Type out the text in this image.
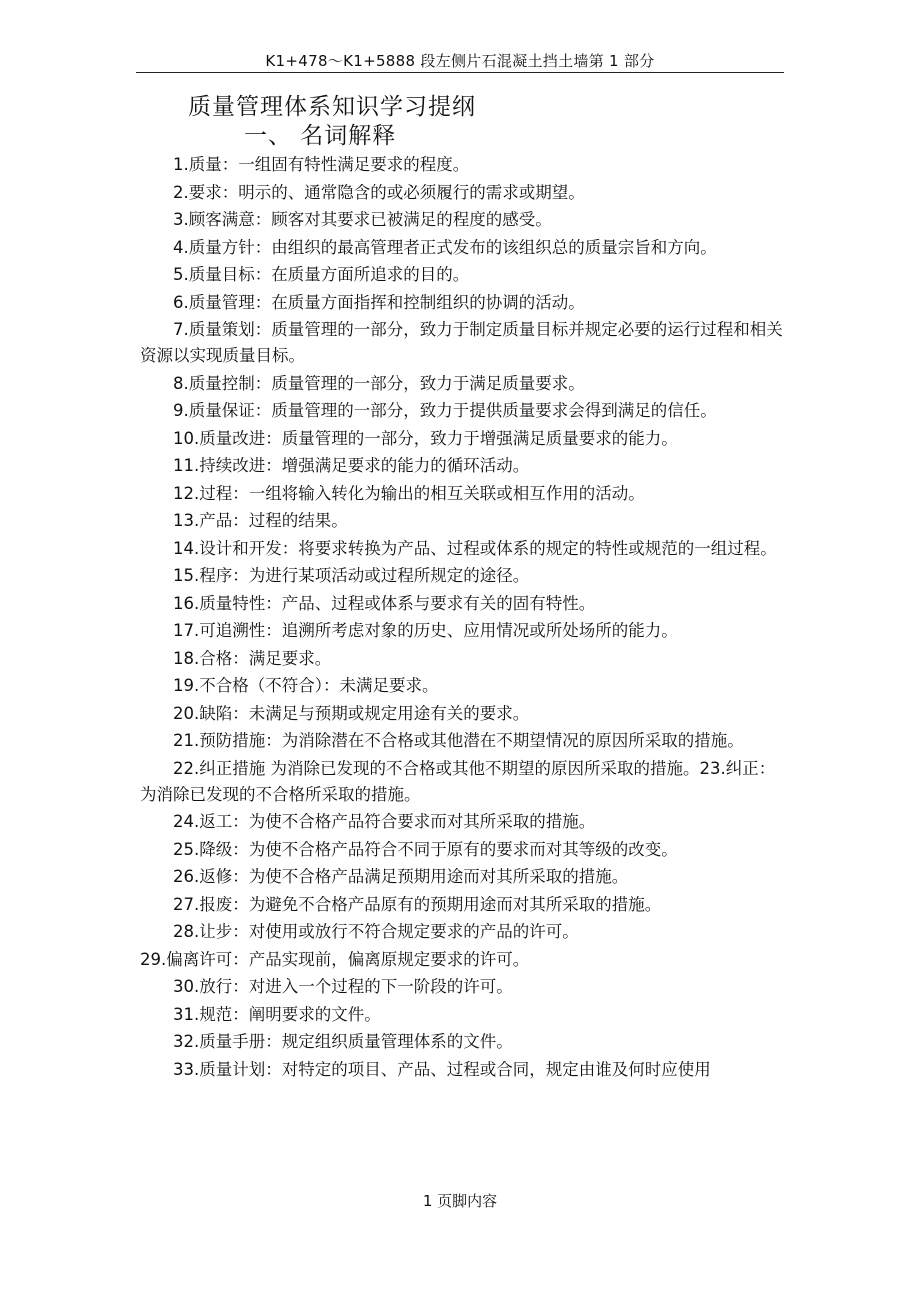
K1+478～K1+5888 段左侧片石混凝土挡土墙第 1 部分
质量管理体系知识学习提纲
一、 名词解释
1.质量：一组固有特性满足要求的程度。
2.要求：明示的、通常隐含的或必须履行的需求或期望。
3.顾客满意：顾客对其要求已被满足的程度的感受。
4.质量方针：由组织的最高管理者正式发布的该组织总的质量宗旨和方向。
5.质量目标：在质量方面所追求的目的。
6.质量管理：在质量方面指挥和控制组织的协调的活动。
7.质量策划：质量管理的一部分，致力于制定质量目标并规定必要的运行过程和相关资源以实现质量目标。
8.质量控制：质量管理的一部分，致力于满足质量要求。
9.质量保证：质量管理的一部分，致力于提供质量要求会得到满足的信任。
10.质量改进：质量管理的一部分，致力于增强满足质量要求的能力。
11.持续改进：增强满足要求的能力的循环活动。
12.过程：一组将输入转化为输出的相互关联或相互作用的活动。
13.产品：过程的结果。
14.设计和开发：将要求转换为产品、过程或体系的规定的特性或规范的一组过程。
15.程序：为进行某项活动或过程所规定的途径。
16.质量特性：产品、过程或体系与要求有关的固有特性。
17.可追溯性：追溯所考虑对象的历史、应用情况或所处场所的能力。
18.合格：满足要求。
19.不合格（不符合）：未满足要求。
20.缺陷：未满足与预期或规定用途有关的要求。
21.预防措施：为消除潜在不合格或其他潜在不期望情况的原因所采取的措施。
22.纠正措施 为消除已发现的不合格或其他不期望的原因所采取的措施。23.纠正：为消除已发现的不合格所采取的措施。
24.返工：为使不合格产品符合要求而对其所采取的措施。
25.降级：为使不合格产品符合不同于原有的要求而对其等级的改变。
26.返修：为使不合格产品满足预期用途而对其所采取的措施。
27.报废：为避免不合格产品原有的预期用途而对其所采取的措施。
28.让步：对使用或放行不符合规定要求的产品的许可。
29.偏离许可：产品实现前，偏离原规定要求的许可。
30.放行：对进入一个过程的下一阶段的许可。
31.规范：阐明要求的文件。
32.质量手册：规定组织质量管理体系的文件。
33.质量计划：对特定的项目、产品、过程或合同，规定由谁及何时应使用
1 页脚内容
